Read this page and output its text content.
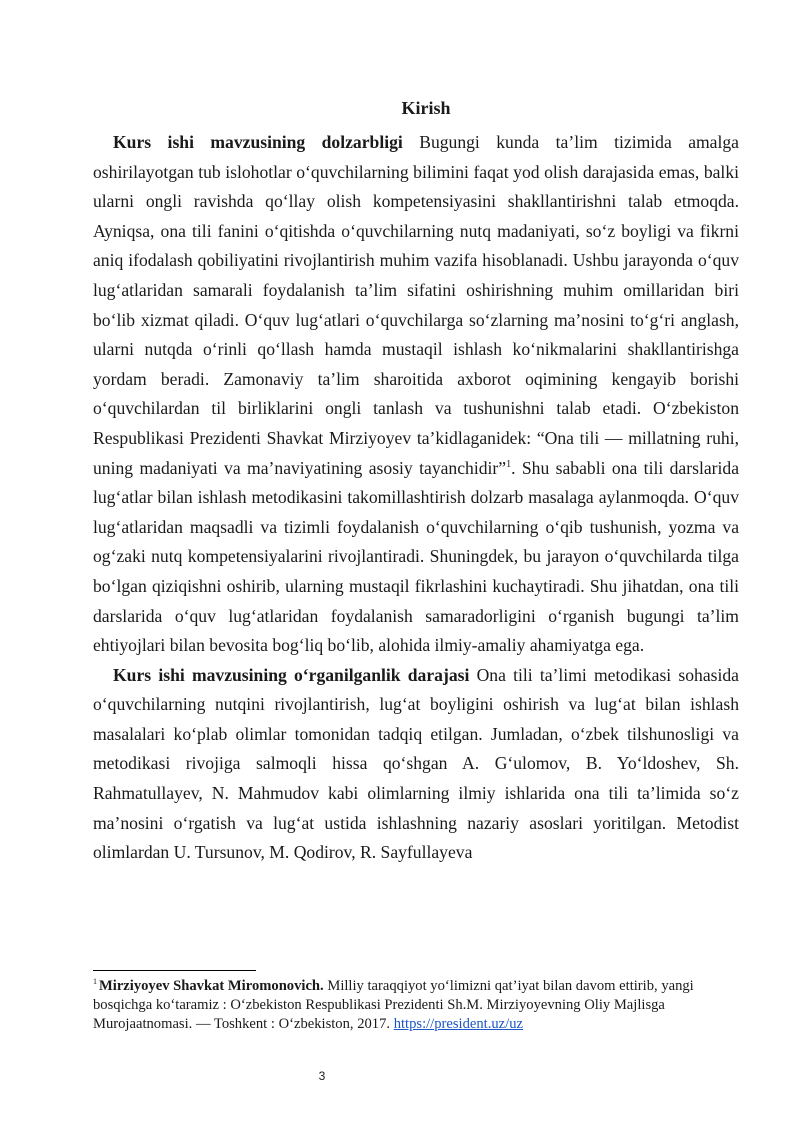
Kirish

Kurs ishi mavzusining dolzarbligi Bugungi kunda ta’lim tizimida amalga oshirilayotgan tub islohotlar o‘quvchilarning bilimini faqat yod olish darajasida emas, balki ularni ongli ravishda qo‘llay olish kompetensiyasini shakllantirishni talab etmoqda. Ayniqsa, ona tili fanini o‘qitishda o‘quvchilarning nutq madaniyati, so‘z boyligi va fikrni aniq ifodalash qobiliyatini rivojlantirish muhim vazifa hisoblanadi. Ushbu jarayonda o‘quv lug‘atlaridan samarali foydalanish ta’lim sifatini oshirishning muhim omillaridan biri bo‘lib xizmat qiladi. O‘quv lug‘atlari o‘quvchilarga so‘zlarning ma’nosini to‘g‘ri anglash, ularni nutqda o‘rinli qo‘llash hamda mustaqil ishlash ko‘nikmalarini shakllantirishga yordam beradi. Zamonaviy ta’lim sharoitida axborot oqimining kengayib borishi o‘quvchilardan til birliklarini ongli tanlash va tushunishni talab etadi. O‘zbekiston Respublikasi Prezidenti Shavkat Mirziyoyev ta’kidlaganidek: “Ona tili — millatning ruhi, uning madaniyati va ma’naviyatining asosiy tayanchidir”$^1$. Shu sababli ona tili darslarida lug‘atlar bilan ishlash metodikasini takomillashtirish dolzarb masalaga aylanmoqda. O‘quv lug‘atlaridan maqsadli va tizimli foydalanish o‘quvchilarning o‘qib tushunish, yozma va og‘zaki nutq kompetensiyalarini rivojlantiradi. Shuningdek, bu jarayon o‘quvchilarda tilga bo‘lgan qiziqishni oshirib, ularning mustaqil fikrlashini kuchaytiradi. Shu jihatdan, ona tili darslarida o‘quv lug‘atlaridan foydalanish samaradorligini o‘rganish bugungi ta’lim ehtiyojlari bilan bevosita bog‘liq bo‘lib, alohida ilmiy-amaliy ahamiyatga ega.

Kurs ishi mavzusining o‘rganilganlik darajasi Ona tili ta’limi metodikasi sohasida o‘quvchilarning nutqini rivojlantirish, lug‘at boyligini oshirish va lug‘at bilan ishlash masalalari ko‘plab olimlar tomonidan tadqiq etilgan. Jumladan, o‘zbek tilshunosligi va metodikasi rivojiga salmoqli hissa qo‘shgan A. G‘ulomov, B. Yo‘ldoshev, Sh. Rahmatullayev, N. Mahmudov kabi olimlarning ilmiy ishlarida ona tili ta’limida so‘z ma’nosini o‘rgatish va lug‘at ustida ishlashning nazariy asoslari yoritilgan. Metodist olimlardan U. Tursunov, M. Qodirov, R. Sayfullayeva

$^1$ Mirziyoyev Shavkat Miromonovich. Milliy taraqqiyot yo‘limizni qat’iyat bilan davom ettirib, yangi bosqichga ko‘taramiz : O‘zbekiston Respublikasi Prezidenti Sh.M. Mirziyoyevning Oliy Majlisga Murojaatnomasi. — Toshkent : O‘zbekiston, 2017. https://president.uz/uz
3
